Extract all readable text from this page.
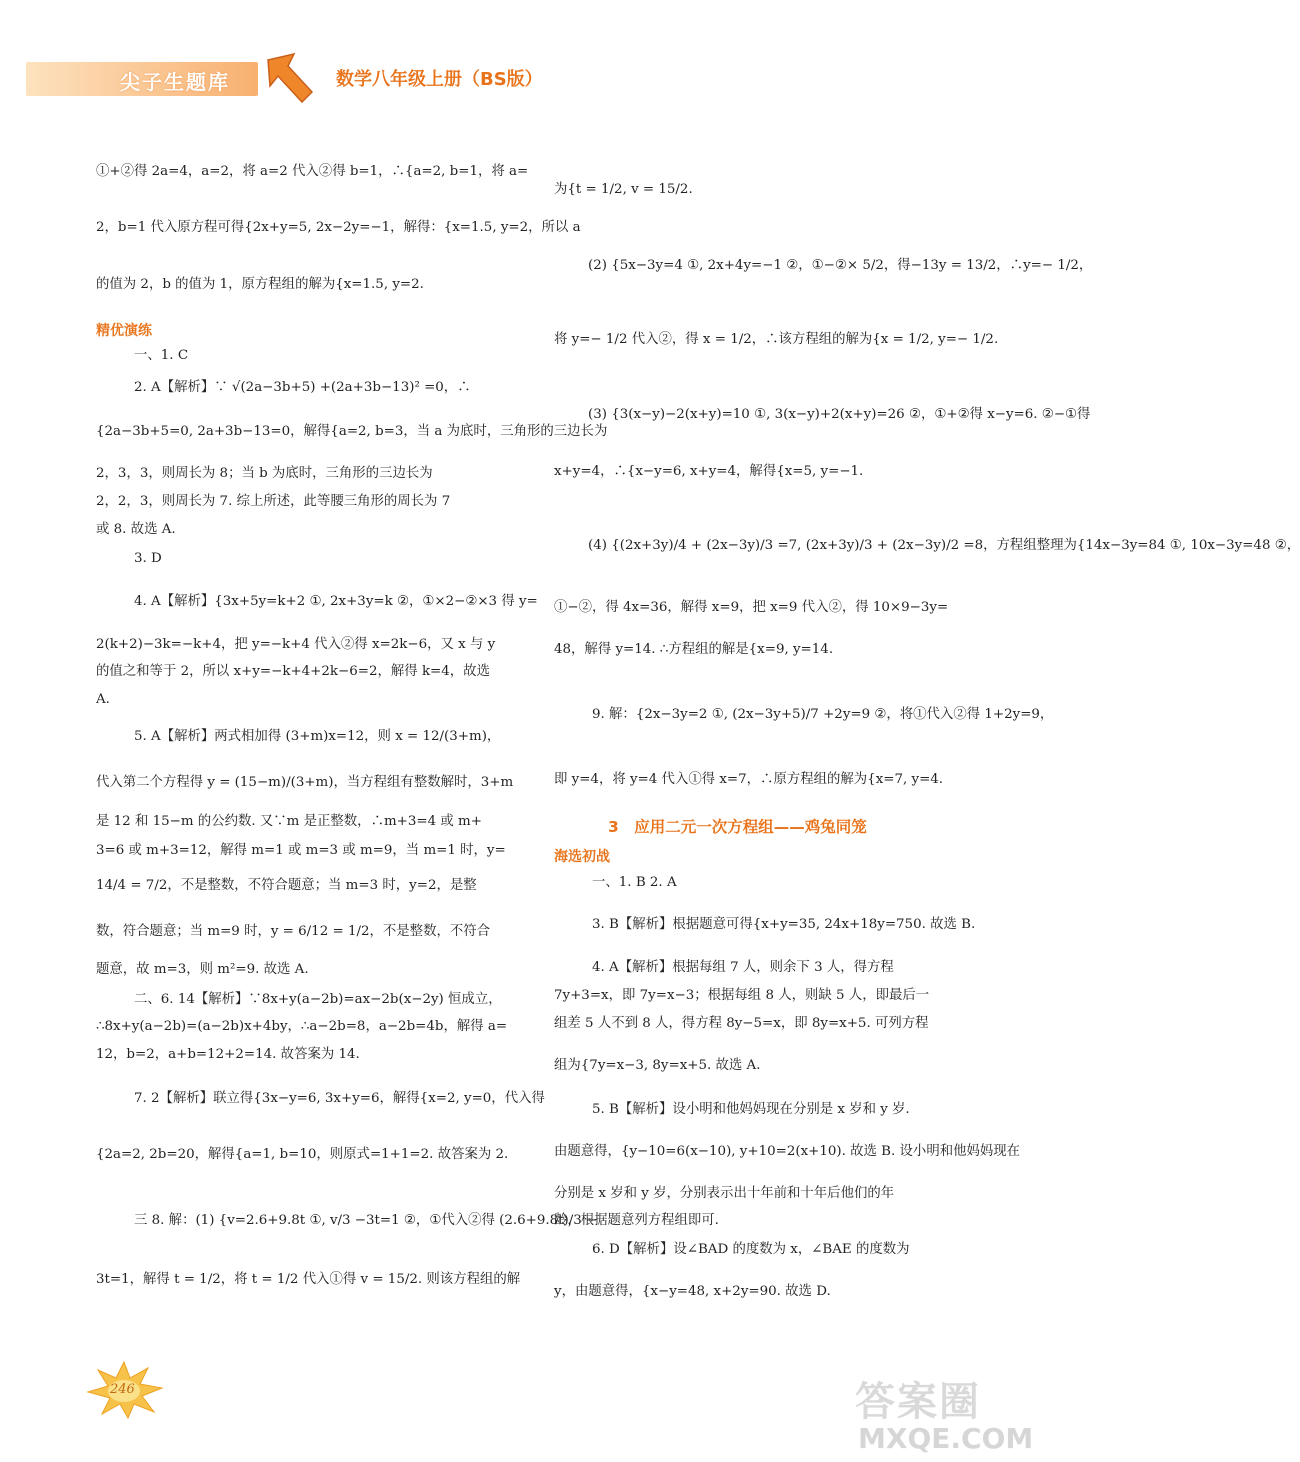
尖子生题库	数学八年级上册（BS版）
①+②得 2a=4，a=2，将 a=2 代入②得 b=1，∴{a=2, b=1，将 a=
2，b=1 代入原方程可得{2x+y=5, 2x−2y=−1，解得：{x=1.5, y=2，所以 a
的值为 2，b 的值为 1，原方程组的解为{x=1.5, y=2.
精优演练
一、1. C
2. A【解析】∵ √(2a−3b+5) +(2a+3b−13)² =0，∴
{2a−3b+5=0, 2a+3b−13=0，解得{a=2, b=3，当 a 为底时，三角形的三边长为
2，3，3，则周长为 8；当 b 为底时，三角形的三边长为
2，2，3，则周长为 7. 综上所述，此等腰三角形的周长为 7
或 8. 故选 A.
3. D
4. A【解析】{3x+5y=k+2 ①, 2x+3y=k ②，①×2−②×3 得 y=
2(k+2)−3k=−k+4，把 y=−k+4 代入②得 x=2k−6，又 x 与 y
的值之和等于 2，所以 x+y=−k+4+2k−6=2，解得 k=4，故选
A.
5. A【解析】两式相加得 (3+m)x=12，则 x = 12/(3+m)，
代入第二个方程得 y = (15−m)/(3+m)，当方程组有整数解时，3+m
是 12 和 15−m 的公约数. 又∵m 是正整数，∴m+3=4 或 m+
3=6 或 m+3=12，解得 m=1 或 m=3 或 m=9，当 m=1 时，y=
14/4 = 7/2，不是整数，不符合题意；当 m=3 时，y=2，是整
数，符合题意；当 m=9 时，y = 6/12 = 1/2，不是整数，不符合
题意，故 m=3，则 m²=9. 故选 A.
二、6. 14【解析】∵8x+y(a−2b)=ax−2b(x−2y) 恒成立，
∴8x+y(a−2b)=(a−2b)x+4by，∴a−2b=8，a−2b=4b，解得 a=
12，b=2，a+b=12+2=14. 故答案为 14.
7. 2【解析】联立得{3x−y=6, 3x+y=6，解得{x=2, y=0，代入得
{2a=2, 2b=20，解得{a=1, b=10，则原式=1+1=2. 故答案为 2.
三 8. 解：(1) {v=2.6+9.8t ①, v/3 −3t=1 ②，①代入②得 (2.6+9.8t)/3 −
3t=1，解得 t = 1/2，将 t = 1/2 代入①得 v = 15/2. 则该方程组的解
为{t = 1/2, v = 15/2.
(2) {5x−3y=4 ①, 2x+4y=−1 ②，①−②× 5/2，得−13y = 13/2，∴y=− 1/2，
将 y=− 1/2 代入②，得 x = 1/2，∴该方程组的解为{x = 1/2, y=− 1/2.
(3) {3(x−y)−2(x+y)=10 ①, 3(x−y)+2(x+y)=26 ②，①+②得 x−y=6. ②−①得
x+y=4，∴{x−y=6, x+y=4，解得{x=5, y=−1.
(4) {(2x+3y)/4 + (2x−3y)/3 =7, (2x+3y)/3 + (2x−3y)/2 =8，方程组整理为{14x−3y=84 ①, 10x−3y=48 ②，
①−②，得 4x=36，解得 x=9，把 x=9 代入②，得 10×9−3y=
48，解得 y=14. ∴方程组的解是{x=9, y=14.
9. 解：{2x−3y=2 ①, (2x−3y+5)/7 +2y=9 ②，将①代入②得 1+2y=9，
即 y=4，将 y=4 代入①得 x=7，∴原方程组的解为{x=7, y=4.
3　应用二元一次方程组——鸡兔同笼
海选初战
一、1. B 2. A
3. B【解析】根据题意可得{x+y=35, 24x+18y=750. 故选 B.
4. A【解析】根据每组 7 人，则余下 3 人，得方程
7y+3=x，即 7y=x−3；根据每组 8 人，则缺 5 人，即最后一
组差 5 人不到 8 人，得方程 8y−5=x，即 8y=x+5. 可列方程
组为{7y=x−3, 8y=x+5. 故选 A.
5. B【解析】设小明和他妈妈现在分别是 x 岁和 y 岁.
由题意得，{y−10=6(x−10), y+10=2(x+10). 故选 B. 设小明和他妈妈现在
分别是 x 岁和 y 岁，分别表示出十年前和十年后他们的年
龄，根据题意列方程组即可.
6. D【解析】设∠BAD 的度数为 x，∠BAE 的度数为
y，由题意得，{x−y=48, x+2y=90. 故选 D.
246	答案圈
MXQE.COM
